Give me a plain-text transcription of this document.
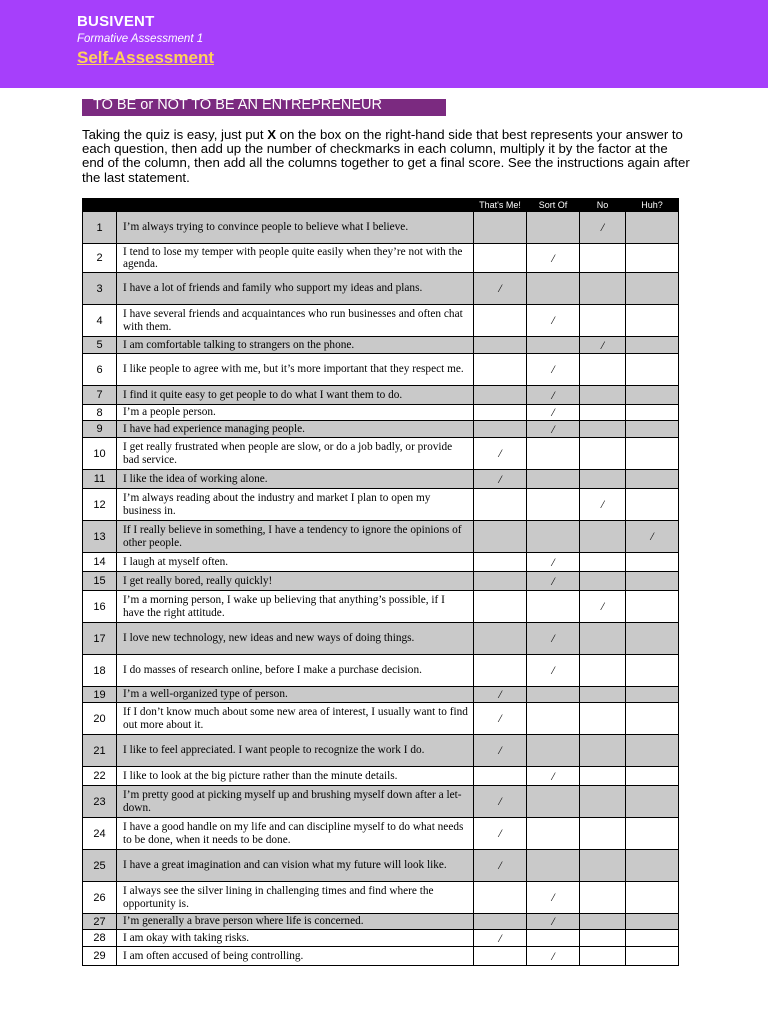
BUSIVENT
Formative Assessment 1
Self-Assessment
TO BE or NOT TO BE AN ENTREPRENEUR
Taking the quiz is easy, just put X on the box on the right-hand side that best represents your answer to each question, then add up the number of checkmarks in each column, multiply it by the factor at the end of the column, then add all the columns together to get a final score. See the instructions again after the last statement.
		That's Me!	Sort Of	No	Huh?
1	I’m always trying to convince people to believe what I believe.			/	
2	I tend to lose my temper with people quite easily when they’re not with the agenda.		/		
3	I have a lot of friends and family who support my ideas and plans.	/			
4	I have several friends and acquaintances who run businesses and often chat with them.		/		
5	I am comfortable talking to strangers on the phone.			/	
6	I like people to agree with me, but it’s more important that they respect me.		/		
7	I find it quite easy to get people to do what I want them to do.		/		
8	I’m a people person.		/		
9	I have had experience managing people.		/		
10	I get really frustrated when people are slow, or do a job badly, or provide bad service.	/			
11	I like the idea of working alone.	/			
12	I’m always reading about the industry and market I plan to open my business in.			/	
13	If I really believe in something, I have a tendency to ignore the opinions of other people.				/
14	I laugh at myself often.		/		
15	I get really bored, really quickly!		/		
16	I’m a morning person, I wake up believing that anything’s possible, if I have the right attitude.			/	
17	I love new technology, new ideas and new ways of doing things.		/		
18	I do masses of research online, before I make a purchase decision.		/		
19	I’m a well-organized type of person.	/			
20	If I don’t know much about some new area of interest, I usually want to find out more about it.	/			
21	I like to feel appreciated. I want people to recognize the work I do.	/			
22	I like to look at the big picture rather than the minute details.		/		
23	I’m pretty good at picking myself up and brushing myself down after a let-down.	/			
24	I have a good handle on my life and can discipline myself to do what needs to be done, when it needs to be done.	/			
25	I have a great imagination and can vision what my future will look like.	/			
26	I always see the silver lining in challenging times and find where the opportunity is.		/		
27	I’m generally a brave person where life is concerned.		/		
28	I am okay with taking risks.	/			
29	I am often accused of being controlling.		/		
